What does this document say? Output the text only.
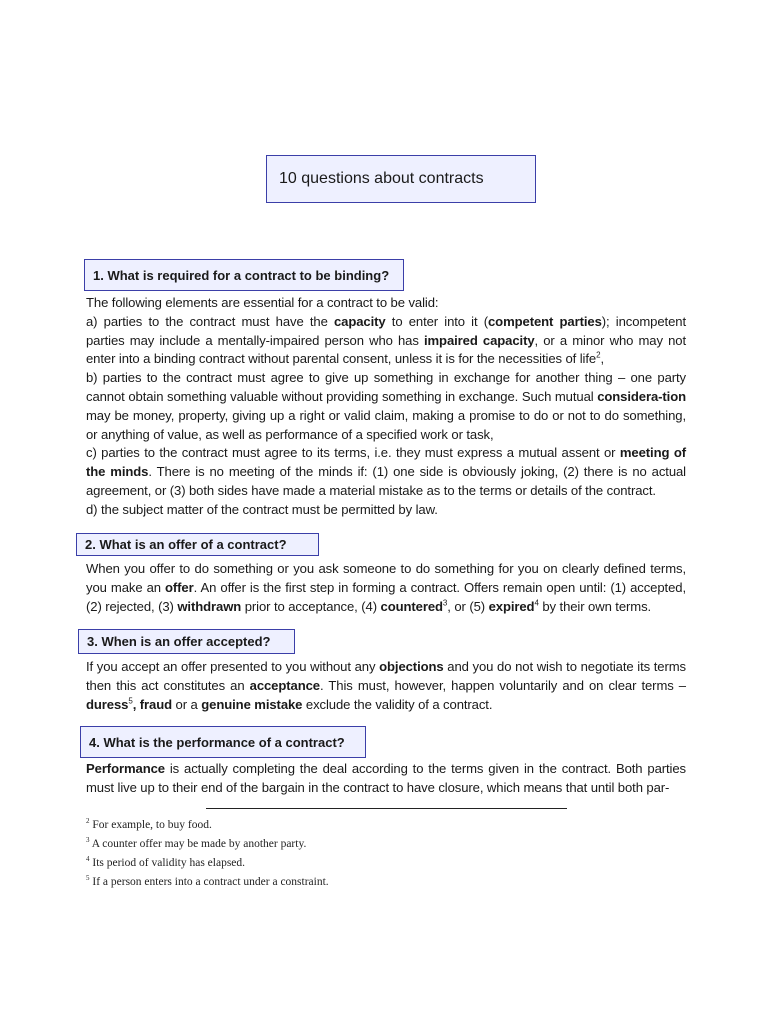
10 questions about contracts
1. What is required for a contract to be binding?

The following elements are essential for a contract to be valid:

a) parties to the contract must have the capacity to enter into it (competent parties); incompetent parties may include a mentally-impaired person who has impaired capacity, or a minor who may not enter into a binding contract without parental consent, unless it is for the necessities of life$^2$,

b) parties to the contract must agree to give up something in exchange for another thing – one party cannot obtain something valuable without providing something in exchange. Such mutual considera-tion may be money, property, giving up a right or valid claim, making a promise to do or not to do something, or anything of value, as well as performance of a specified work or task,

c) parties to the contract must agree to its terms, i.e. they must express a mutual assent or meeting of the minds. There is no meeting of the minds if: (1) one side is obviously joking, (2) there is no actual agreement, or (3) both sides have made a material mistake as to the terms or details of the contract.

d) the subject matter of the contract must be permitted by law.

2. What is an offer of a contract?

When you offer to do something or you ask someone to do something for you on clearly defined terms, you make an offer. An offer is the first step in forming a contract. Offers remain open until: (1) accepted, (2) rejected, (3) withdrawn prior to acceptance, (4) countered$^3$, or (5) expired$^4$ by their own terms.

3. When is an offer accepted?

If you accept an offer presented to you without any objections and you do not wish to negotiate its terms then this act constitutes an acceptance. This must, however, happen voluntarily and on clear terms – duress$^5$, fraud or a genuine mistake exclude the validity of a contract.

4. What is the performance of a contract?

Performance is actually completing the deal according to the terms given in the contract. Both parties must live up to their end of the bargain in the contract to have closure, which means that until both par-

$^2$ For example, to buy food.
$^3$ A counter offer may be made by another party.
$^4$ Its period of validity has elapsed.
$^5$ If a person enters into a contract under a constraint.
